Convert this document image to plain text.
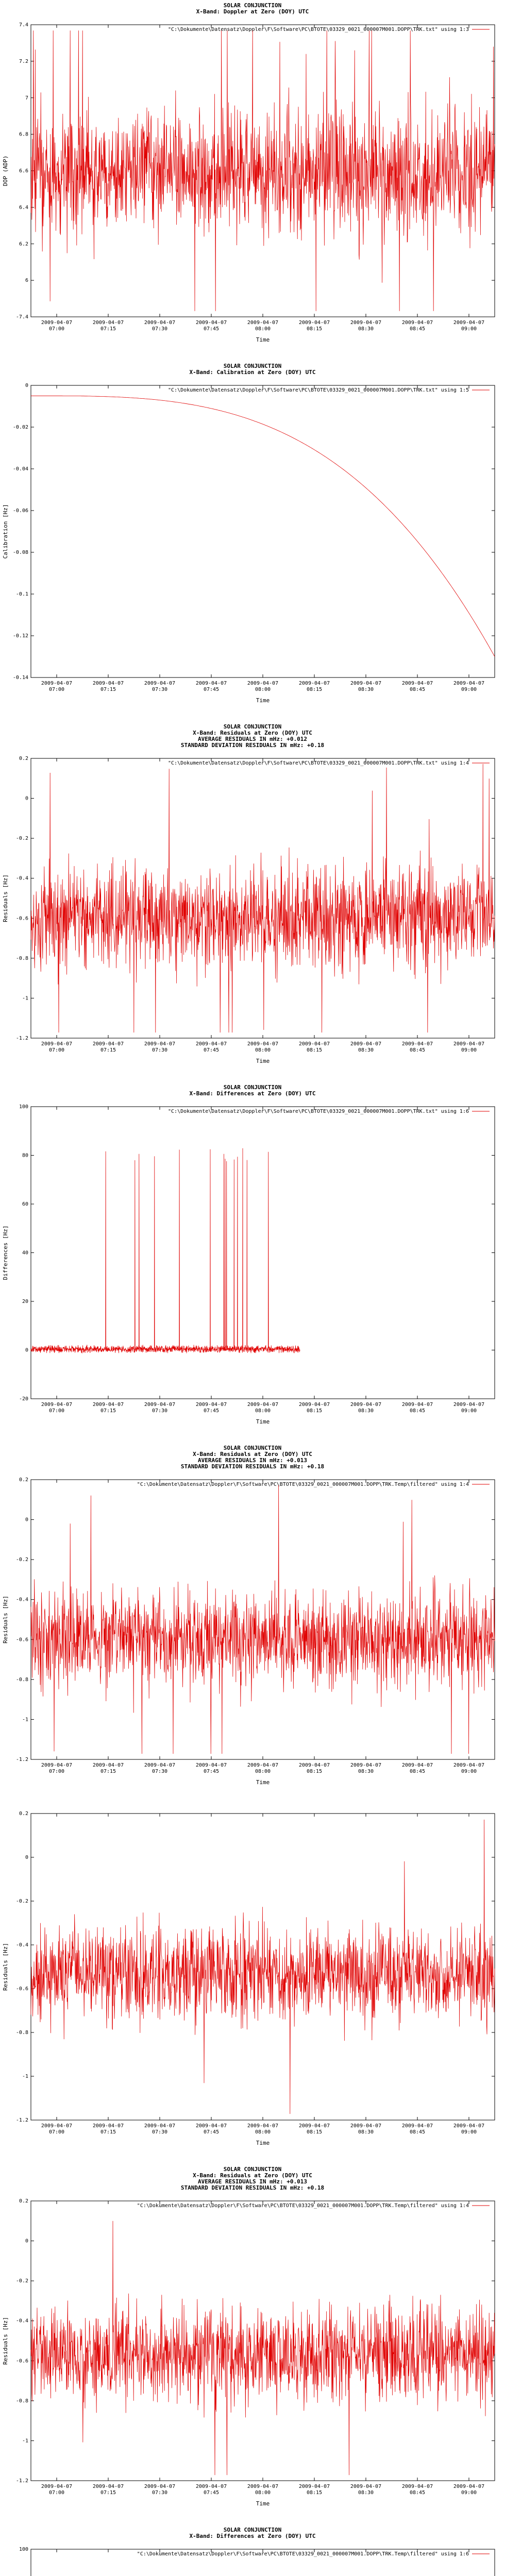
SOLAR CONJUNCTION
X-Band: Doppler at Zero (DOY) UTC
7.4
7.2
7
6.8
6.6
6.4
6.2
6
-7.4
2009-04-07
07:00
2009-04-07
07:15
2009-04-07
07:30
2009-04-07
07:45
2009-04-07
08:00
2009-04-07
08:15
2009-04-07
08:30
2009-04-07
08:45
2009-04-07
09:00
Time
DOP (ADP)
"C:\Dokumente\Datensatz\Doppler\F\Software\PC\BTOTE\03329_0021_000007M001.DOPP\TRK.txt" using 1:3
SOLAR CONJUNCTION
X-Band: Calibration at Zero (DOY) UTC
0
-0.02
-0.04
-0.06
-0.08
-0.1
-0.12
-0.14
2009-04-07
07:00
2009-04-07
07:15
2009-04-07
07:30
2009-04-07
07:45
2009-04-07
08:00
2009-04-07
08:15
2009-04-07
08:30
2009-04-07
08:45
2009-04-07
09:00
Time
Calibration [Hz]
"C:\Dokumente\Datensatz\Doppler\F\Software\PC\BTOTE\03329_0021_000007M001.DOPP\TRK.txt" using 1:5
SOLAR CONJUNCTION
X-Band: Residuals at Zero (DOY) UTC
AVERAGE RESIDUALS IN mHz: +0.012
STANDARD DEVIATION RESIDUALS IN mHz: +0.18
0.2
0
-0.2
-0.4
-0.6
-0.8
-1
-1.2
2009-04-07
07:00
2009-04-07
07:15
2009-04-07
07:30
2009-04-07
07:45
2009-04-07
08:00
2009-04-07
08:15
2009-04-07
08:30
2009-04-07
08:45
2009-04-07
09:00
Time
Residuals [Hz]
"C:\Dokumente\Datensatz\Doppler\F\Software\PC\BTOTE\03329_0021_000007M001.DOPP\TRK.txt" using 1:4
SOLAR CONJUNCTION
X-Band: Differences at Zero (DOY) UTC
100
80
60
40
20
0
-20
2009-04-07
07:00
2009-04-07
07:15
2009-04-07
07:30
2009-04-07
07:45
2009-04-07
08:00
2009-04-07
08:15
2009-04-07
08:30
2009-04-07
08:45
2009-04-07
09:00
Time
Differences [Hz]
"C:\Dokumente\Datensatz\Doppler\F\Software\PC\BTOTE\03329_0021_000007M001.DOPP\TRK.txt" using 1:6
SOLAR CONJUNCTION
X-Band: Residuals at Zero (DOY) UTC
AVERAGE RESIDUALS IN mHz: +0.013
STANDARD DEVIATION RESIDUALS IN mHz: +0.18
0.2
0
-0.2
-0.4
-0.6
-0.8
-1
-1.2
2009-04-07
07:00
2009-04-07
07:15
2009-04-07
07:30
2009-04-07
07:45
2009-04-07
08:00
2009-04-07
08:15
2009-04-07
08:30
2009-04-07
08:45
2009-04-07
09:00
Time
Residuals [Hz]
"C:\Dokumente\Datensatz\Doppler\F\Software\PC\BTOTE\03329_0021_000007M001.DOPP\TRK.Temp\filtered" using 1:4
0.2
0
-0.2
-0.4
-0.6
-0.8
-1
-1.2
2009-04-07
07:00
2009-04-07
07:15
2009-04-07
07:30
2009-04-07
07:45
2009-04-07
08:00
2009-04-07
08:15
2009-04-07
08:30
2009-04-07
08:45
2009-04-07
09:00
Time
Residuals [Hz]
SOLAR CONJUNCTION
X-Band: Residuals at Zero (DOY) UTC
AVERAGE RESIDUALS IN mHz: +0.013
STANDARD DEVIATION RESIDUALS IN mHz: +0.18
0.2
0
-0.2
-0.4
-0.6
-0.8
-1
-1.2
2009-04-07
07:00
2009-04-07
07:15
2009-04-07
07:30
2009-04-07
07:45
2009-04-07
08:00
2009-04-07
08:15
2009-04-07
08:30
2009-04-07
08:45
2009-04-07
09:00
Time
Residuals [Hz]
"C:\Dokumente\Datensatz\Doppler\F\Software\PC\BTOTE\03329_0021_000007M001.DOPP\TRK.Temp\filtered" using 1:4
SOLAR CONJUNCTION
X-Band: Differences at Zero (DOY) UTC
100
"C:\Dokumente\Datensatz\Doppler\F\Software\PC\BTOTE\03329_0021_000007M001.DOPP\TRK.Temp\filtered" using 1:6
